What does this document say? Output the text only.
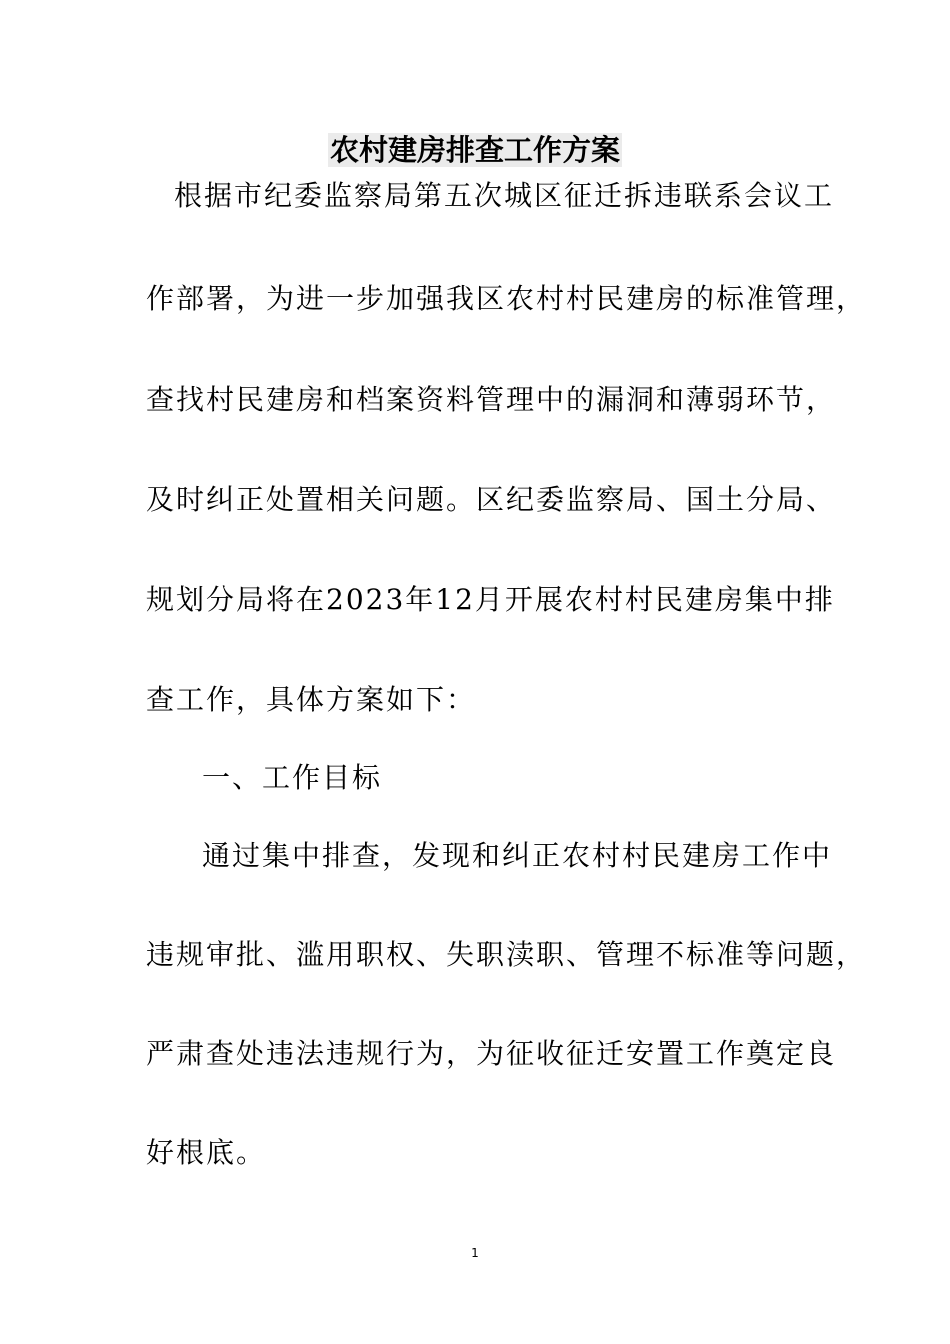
农村建房排查工作方案
根据市纪委监察局第五次城区征迁拆违联系会议工
作部署，为进一步加强我区农村村民建房的标准管理，
查找村民建房和档案资料管理中的漏洞和薄弱环节，
及时纠正处置相关问题。区纪委监察局、国土分局、
规划分局将在2023年12月开展农村村民建房集中排
查工作，具体方案如下：
一、工作目标
通过集中排查，发现和纠正农村村民建房工作中
违规审批、滥用职权、失职渎职、管理不标准等问题，
严肃查处违法违规行为，为征收征迁安置工作奠定良
好根底。
1
